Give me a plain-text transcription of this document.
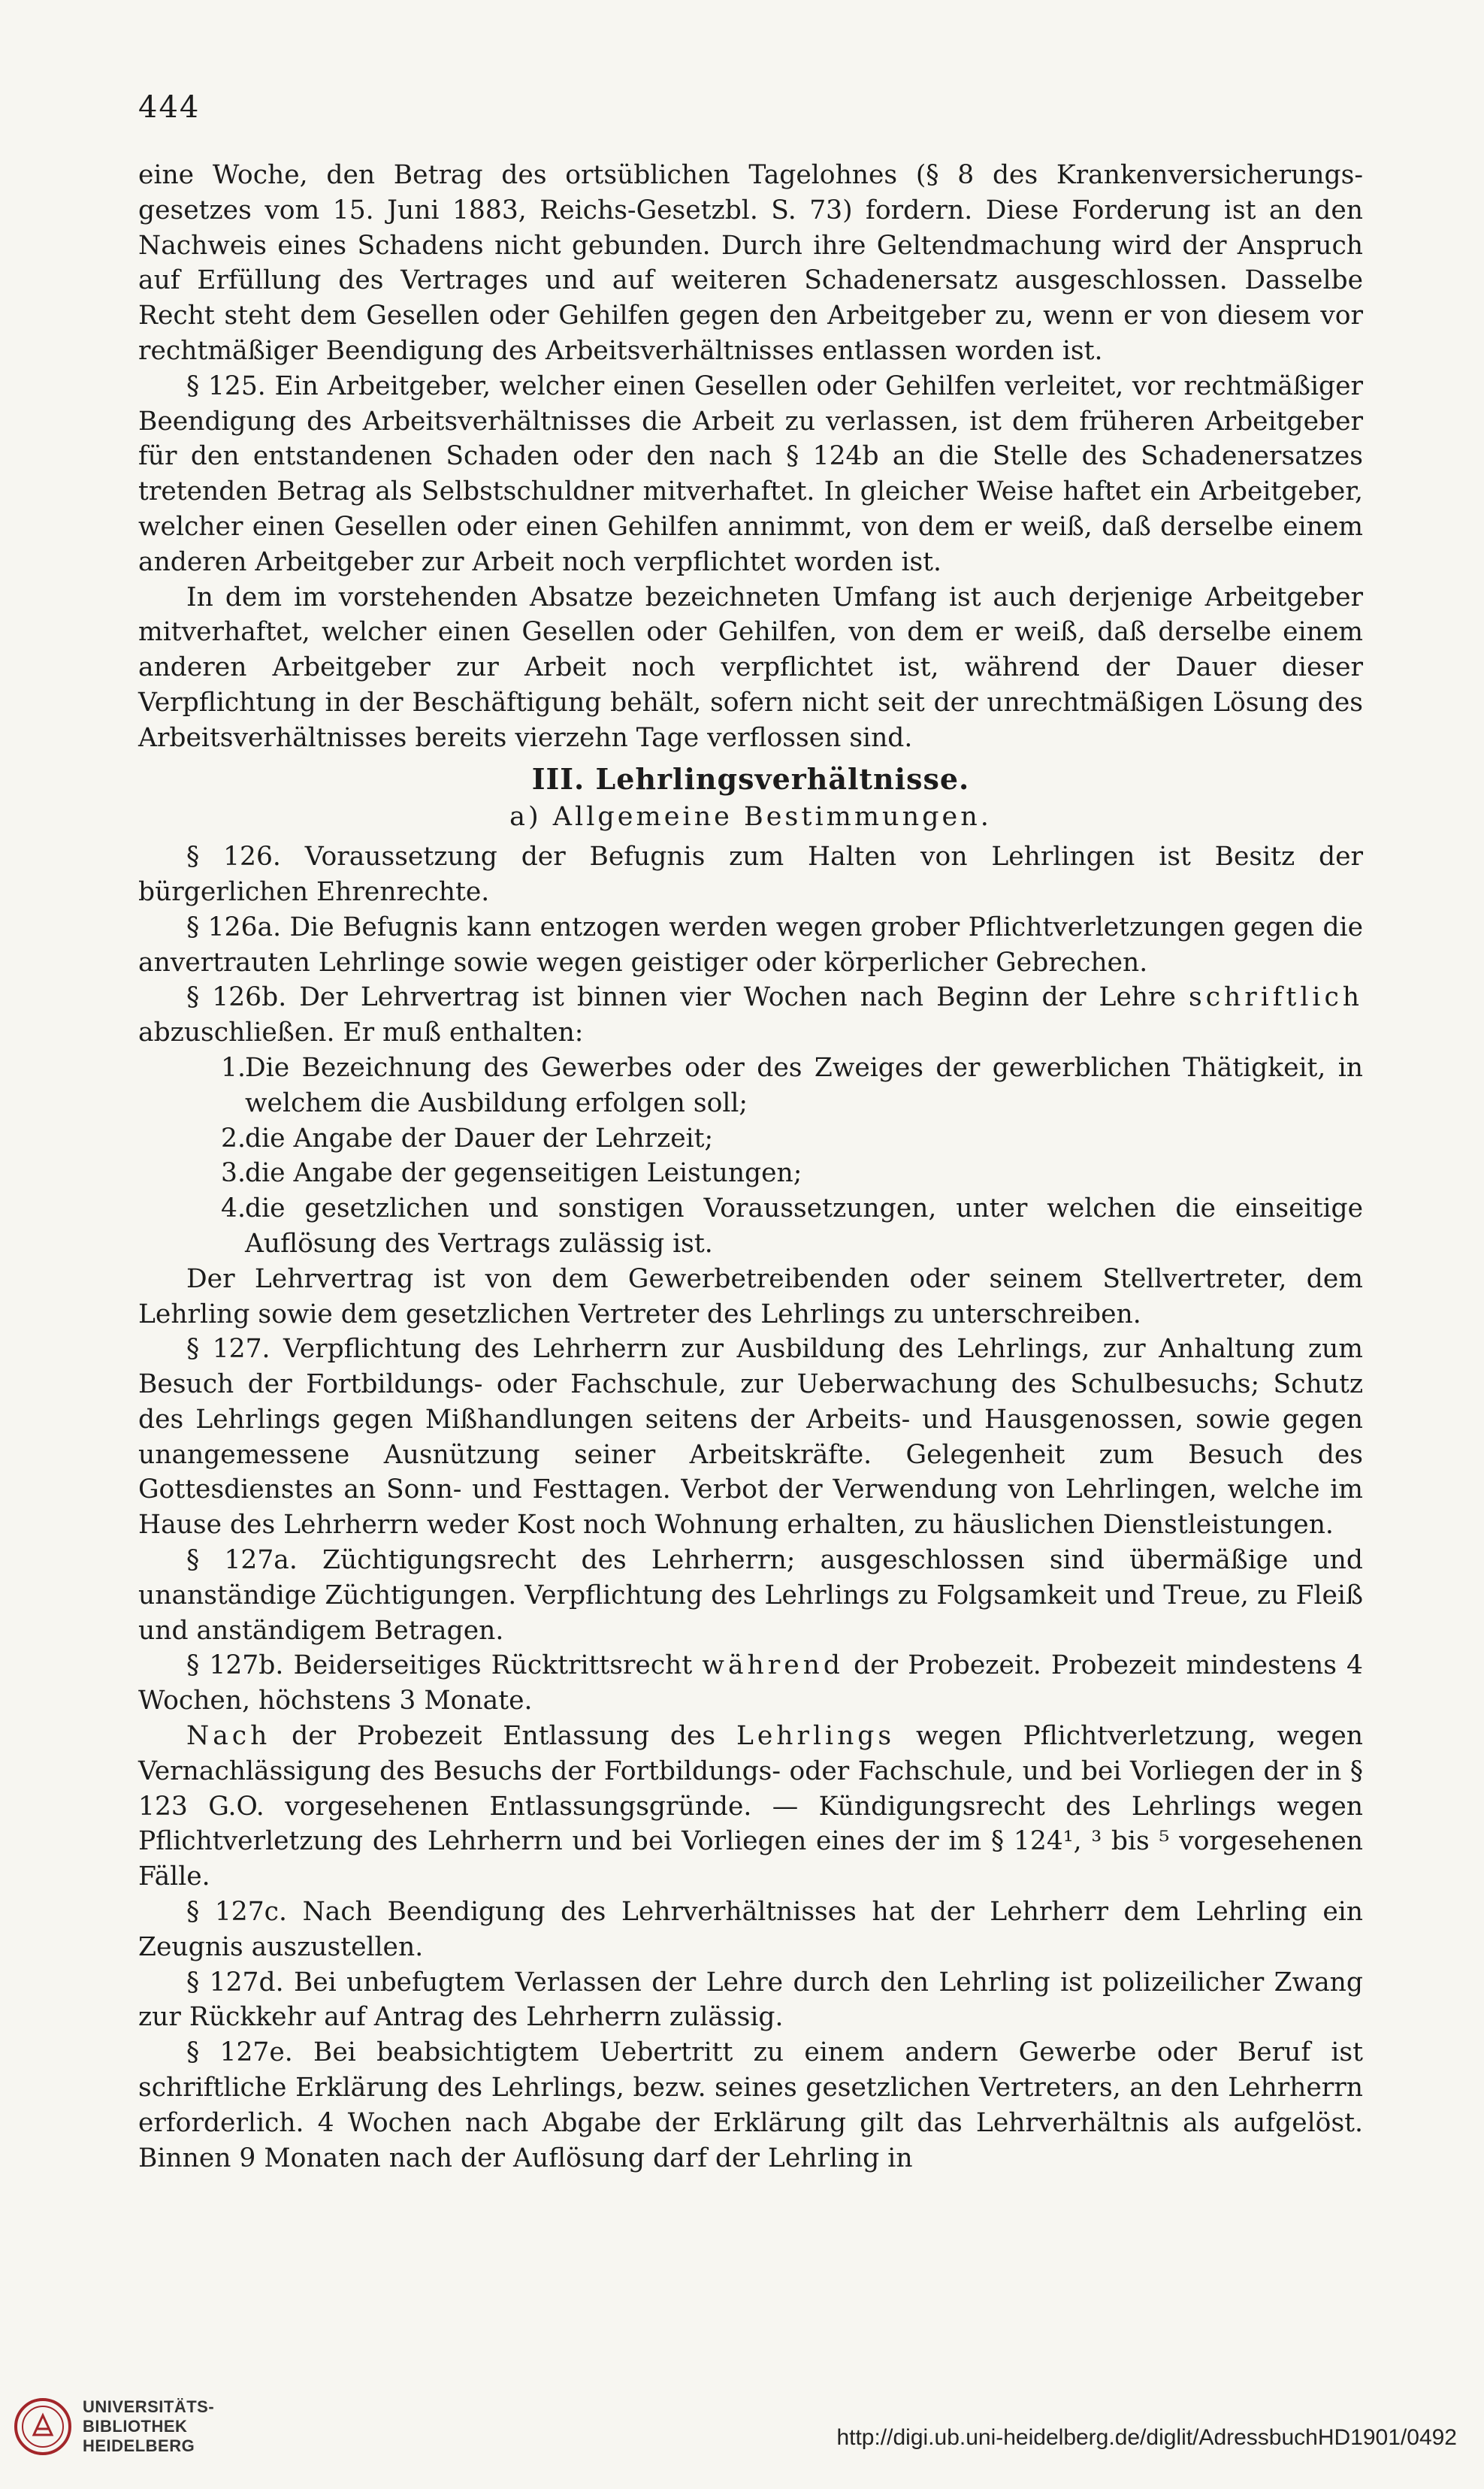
444

eine Woche, den Betrag des ortsüblichen Tagelohnes (§ 8 des Krankenversicherungsgesetzes vom 15. Juni 1883, Reichs-Gesetzbl. S. 73) fordern. Diese Forderung ist an den Nachweis eines Schadens nicht gebunden. Durch ihre Geltendmachung wird der Anspruch auf Erfüllung des Vertrages und auf weiteren Schadenersatz ausgeschlossen. Dasselbe Recht steht dem Gesellen oder Gehilfen gegen den Arbeitgeber zu, wenn er von diesem vor rechtmäßiger Beendigung des Arbeitsverhältnisses entlassen worden ist.

§ 125. Ein Arbeitgeber, welcher einen Gesellen oder Gehilfen verleitet, vor rechtmäßiger Beendigung des Arbeitsverhältnisses die Arbeit zu verlassen, ist dem früheren Arbeitgeber für den entstandenen Schaden oder den nach § 124b an die Stelle des Schadenersatzes tretenden Betrag als Selbstschuldner mitverhaftet. In gleicher Weise haftet ein Arbeitgeber, welcher einen Gesellen oder einen Gehilfen annimmt, von dem er weiß, daß derselbe einem anderen Arbeitgeber zur Arbeit noch verpflichtet worden ist.

In dem im vorstehenden Absatze bezeichneten Umfang ist auch derjenige Arbeitgeber mitverhaftet, welcher einen Gesellen oder Gehilfen, von dem er weiß, daß derselbe einem anderen Arbeitgeber zur Arbeit noch verpflichtet ist, während der Dauer dieser Verpflichtung in der Beschäftigung behält, sofern nicht seit der unrechtmäßigen Lösung des Arbeitsverhältnisses bereits vierzehn Tage verflossen sind.

III. Lehrlingsverhältnisse.

a) Allgemeine Bestimmungen.

§ 126. Voraussetzung der Befugnis zum Halten von Lehrlingen ist Besitz der bürgerlichen Ehrenrechte.

§ 126a. Die Befugnis kann entzogen werden wegen grober Pflichtverletzungen gegen die anvertrauten Lehrlinge sowie wegen geistiger oder körperlicher Gebrechen.

§ 126b. Der Lehrvertrag ist binnen vier Wochen nach Beginn der Lehre schriftlich abzuschließen. Er muß enthalten:

1. Die Bezeichnung des Gewerbes oder des Zweiges der gewerblichen Thätigkeit, in welchem die Ausbildung erfolgen soll;
2. die Angabe der Dauer der Lehrzeit;
3. die Angabe der gegenseitigen Leistungen;
4. die gesetzlichen und sonstigen Voraussetzungen, unter welchen die einseitige Auflösung des Vertrags zulässig ist.

Der Lehrvertrag ist von dem Gewerbetreibenden oder seinem Stellvertreter, dem Lehrling sowie dem gesetzlichen Vertreter des Lehrlings zu unterschreiben.

§ 127. Verpflichtung des Lehrherrn zur Ausbildung des Lehrlings, zur Anhaltung zum Besuch der Fortbildungs- oder Fachschule, zur Ueberwachung des Schulbesuchs; Schutz des Lehrlings gegen Mißhandlungen seitens der Arbeits- und Hausgenossen, sowie gegen unangemessene Ausnützung seiner Arbeitskräfte. Gelegenheit zum Besuch des Gottesdienstes an Sonn- und Festtagen. Verbot der Verwendung von Lehrlingen, welche im Hause des Lehrherrn weder Kost noch Wohnung erhalten, zu häuslichen Dienstleistungen.

§ 127a. Züchtigungsrecht des Lehrherrn; ausgeschlossen sind übermäßige und unanständige Züchtigungen. Verpflichtung des Lehrlings zu Folgsamkeit und Treue, zu Fleiß und anständigem Betragen.

§ 127b. Beiderseitiges Rücktrittsrecht während der Probezeit. Probezeit mindestens 4 Wochen, höchstens 3 Monate.

Nach der Probezeit Entlassung des Lehrlings wegen Pflichtverletzung, wegen Vernachlässigung des Besuchs der Fortbildungs- oder Fachschule, und bei Vorliegen der in § 123 G.O. vorgesehenen Entlassungsgründe. — Kündigungsrecht des Lehrlings wegen Pflichtverletzung des Lehrherrn und bei Vorliegen eines der im § 124¹, ³ bis ⁵ vorgesehenen Fälle.

§ 127c. Nach Beendigung des Lehrverhältnisses hat der Lehrherr dem Lehrling ein Zeugnis auszustellen.

§ 127d. Bei unbefugtem Verlassen der Lehre durch den Lehrling ist polizeilicher Zwang zur Rückkehr auf Antrag des Lehrherrn zulässig.

§ 127e. Bei beabsichtigtem Uebertritt zu einem andern Gewerbe oder Beruf ist schriftliche Erklärung des Lehrlings, bezw. seines gesetzlichen Vertreters, an den Lehrherrn erforderlich. 4 Wochen nach Abgabe der Erklärung gilt das Lehrverhältnis als aufgelöst. Binnen 9 Monaten nach der Auflösung darf der Lehrling in

UNIVERSITÄTS-
BIBLIOTHEK
HEIDELBERG	http://digi.ub.uni-heidelberg.de/diglit/AdressbuchHD1901/0492
